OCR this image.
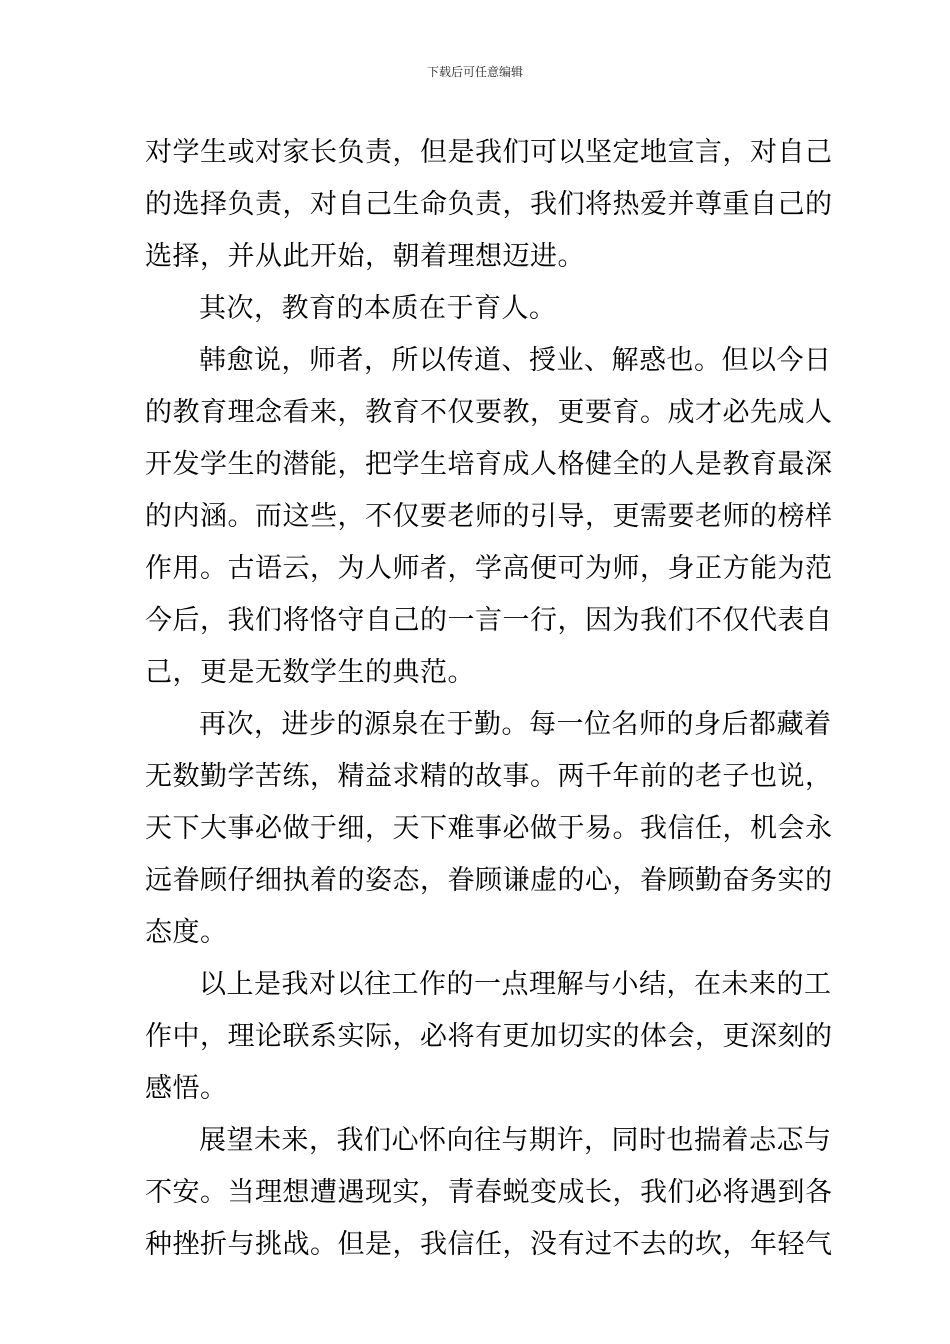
下载后可任意编辑
对学生或对家长负责，但是我们可以坚定地宣言，对自己
的选择负责，对自己生命负责，我们将热爱并尊重自己的
选择，并从此开始，朝着理想迈进。
其次，教育的本质在于育人。
韩愈说，师者，所以传道、授业、解惑也。但以今日
的教育理念看来，教育不仅要教，更要育。成才必先成人
开发学生的潜能，把学生培育成人格健全的人是教育最深
的内涵。而这些，不仅要老师的引导，更需要老师的榜样
作用。古语云，为人师者，学高便可为师，身正方能为范
今后，我们将恪守自己的一言一行，因为我们不仅代表自
己，更是无数学生的典范。
再次，进步的源泉在于勤。每一位名师的身后都藏着
无数勤学苦练，精益求精的故事。两千年前的老子也说，
天下大事必做于细，天下难事必做于易。我信任，机会永
远眷顾仔细执着的姿态，眷顾谦虚的心，眷顾勤奋务实的
态度。
以上是我对以往工作的一点理解与小结，在未来的工
作中，理论联系实际，必将有更加切实的体会，更深刻的
感悟。
展望未来，我们心怀向往与期许，同时也揣着忐忑与
不安。当理想遭遇现实，青春蜕变成长，我们必将遇到各
种挫折与挑战。但是，我信任，没有过不去的坎，年轻气
